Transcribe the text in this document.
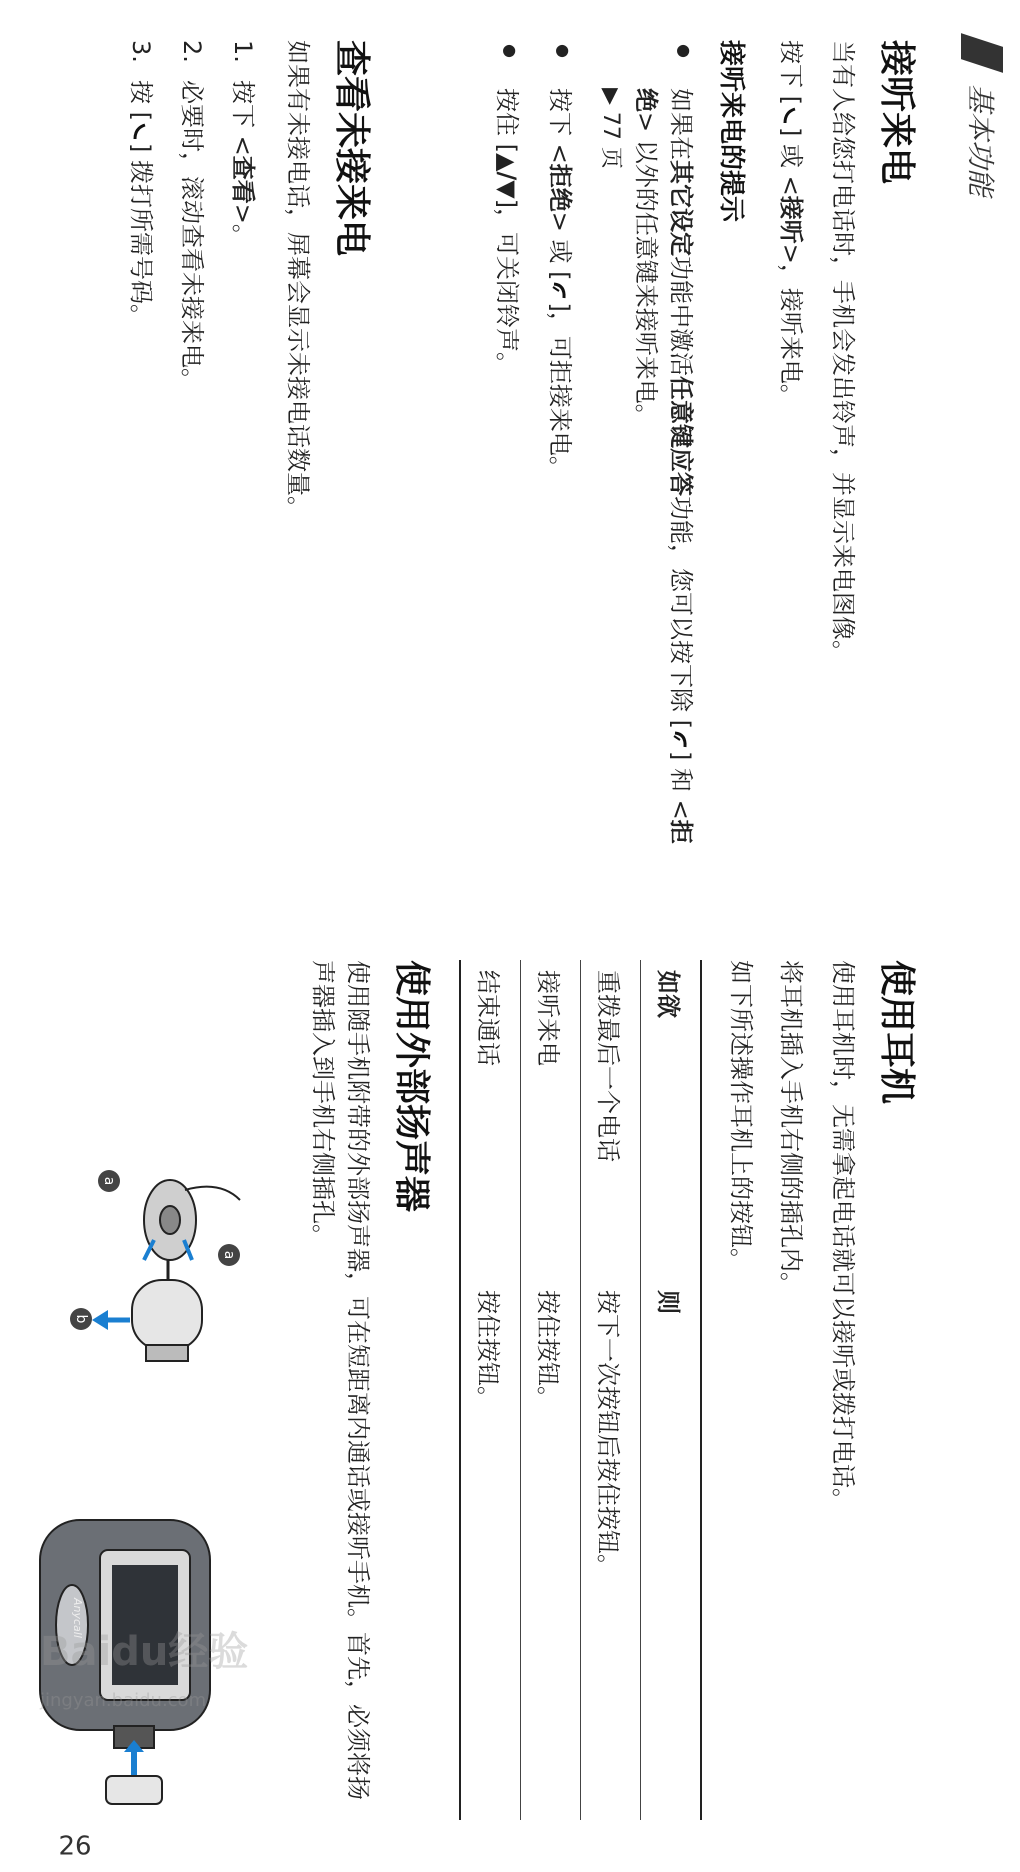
基本功能
接听来电

当有人给您打电话时，手机会发出铃声，并显示来电图像。

按下 [
] 或 <接听>，接听来电。

接听来电的提示
● 如果在其它设定功能中激活任意键应答功能，您可以按下除 [
] 和 <拒绝> 以外的任意键来接听来电。
▶ 77 页
● 按下 <拒绝> 或 [
]，可拒接来电。
● 按住 [▲/▼]，可关闭铃声。
查看未接来电

如果有未接电话，屏幕会显示未接电话数量。

1.按下 <查看>。
2.必要时，滚动查看未接来电。
3.按 [
] 拨打所需号码。
使用耳机

使用耳机时，无需拿起电话就可以接听或拨打电话。

将耳机插入手机右侧的插孔内。

如下所述操作耳机上的按钮。

如欲	则
重拨最后一个电话	按下一次按钮后按住按钮。
接听来电	按住按钮。
结束通话	按住按钮。
使用外部扬声器

使用随手机附带的外部扬声器，可在短距离内通话或接听手机。首先，必须将扬声器插入到手机右侧插孔。

a
a
b
Anycall
26
Baidu经验
jingyan.baidu.com
